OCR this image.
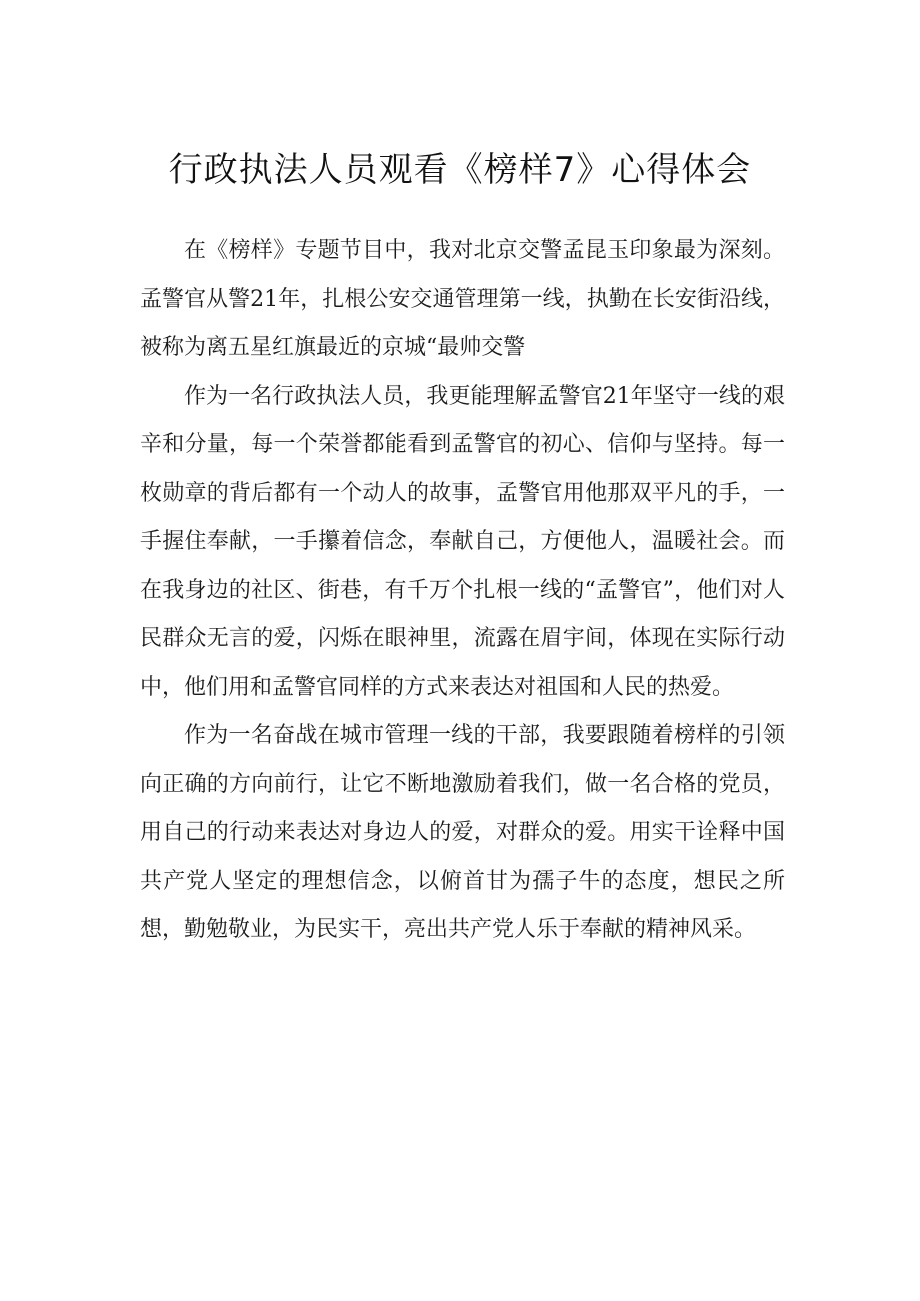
行政执法人员观看《榜样7》心得体会

在《榜样》专题节目中，我对北京交警孟昆玉印象最为深刻。孟警官从警21年，扎根公安交通管理第一线，执勤在长安街沿线，被称为离五星红旗最近的京城“最帅交警

作为一名行政执法人员，我更能理解孟警官21年坚守一线的艰辛和分量，每一个荣誉都能看到孟警官的初心、信仰与坚持。每一枚勋章的背后都有一个动人的故事，孟警官用他那双平凡的手，一手握住奉献，一手攥着信念，奉献自己，方便他人，温暖社会。而在我身边的社区、街巷，有千万个扎根一线的“孟警官”，他们对人民群众无言的爱，闪烁在眼神里，流露在眉宇间，体现在实际行动中，他们用和孟警官同样的方式来表达对祖国和人民的热爱。

作为一名奋战在城市管理一线的干部，我要跟随着榜样的引领向正确的方向前行，让它不断地激励着我们，做一名合格的党员，用自己的行动来表达对身边人的爱，对群众的爱。用实干诠释中国共产党人坚定的理想信念，以俯首甘为孺子牛的态度，想民之所想，勤勉敬业，为民实干，亮出共产党人乐于奉献的精神风采。
